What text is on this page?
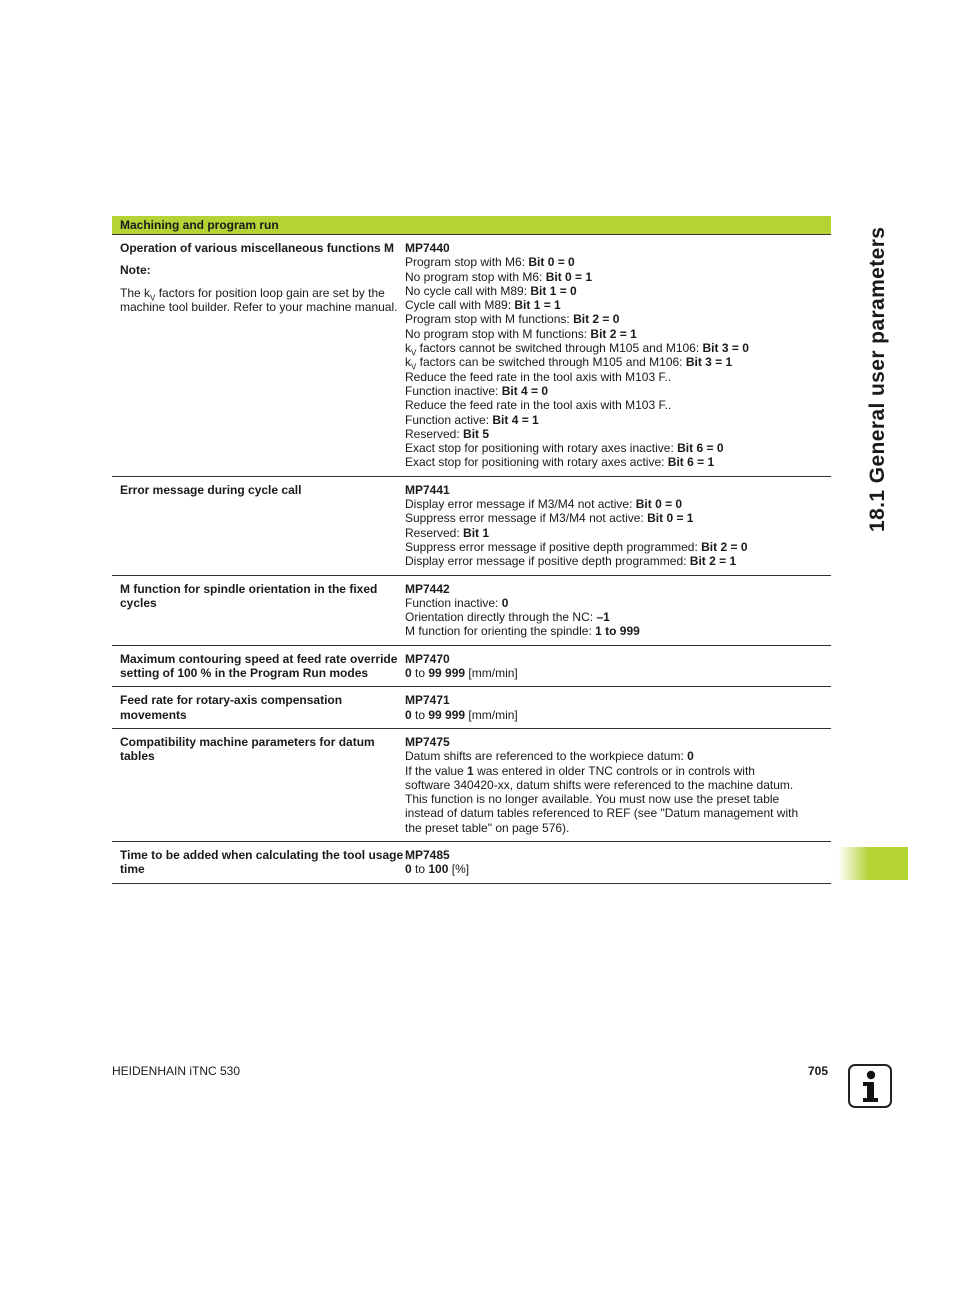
Machining and program run
Operation of various miscellaneous functions M
Note:
The $k_V$ factors for position loop gain are set by the machine tool builder. Refer to your machine manual.
MP7440
Program stop with M6: Bit 0 = 0
No program stop with M6: Bit 0 = 1
No cycle call with M89: Bit 1 = 0
Cycle call with M89: Bit 1 = 1
Program stop with M functions: Bit 2 = 0
No program stop with M functions: Bit 2 = 1
$k_V$ factors cannot be switched through M105 and M106: Bit 3 = 0
$k_V$ factors can be switched through M105 and M106: Bit 3 = 1
Reduce the feed rate in the tool axis with M103 F..
Function inactive: Bit 4 = 0
Reduce the feed rate in the tool axis with M103 F..
Function active: Bit 4 = 1
Reserved: Bit 5
Exact stop for positioning with rotary axes inactive: Bit 6 = 0
Exact stop for positioning with rotary axes active: Bit 6 = 1
Error message during cycle call	MP7441
Display error message if M3/M4 not active: Bit 0 = 0
Suppress error message if M3/M4 not active: Bit 0 = 1
Reserved: Bit 1
Suppress error message if positive depth programmed: Bit 2 = 0
Display error message if positive depth programmed: Bit 2 = 1
M function for spindle orientation in the fixed cycles
MP7442
Function inactive: 0
Orientation directly through the NC: –1
M function for orienting the spindle: 1 to 999
Maximum contouring speed at feed rate override setting of 100 % in the Program Run modes
MP7470
0 to 99 999 [mm/min]
Feed rate for rotary-axis compensation movements
MP7471
0 to 99 999 [mm/min]
Compatibility machine parameters for datum tables
MP7475
Datum shifts are referenced to the workpiece datum: 0
If the value 1 was entered in older TNC controls or in controls with
software 340420-xx, datum shifts were referenced to the machine datum.
This function is no longer available. You must now use the preset table
instead of datum tables referenced to REF (see "Datum management with
the preset table" on page 576).
Time to be added when calculating the tool usage time
MP7485
0 to 100 [%]
18.1 General user parameters
HEIDENHAIN iTNC 530	705
